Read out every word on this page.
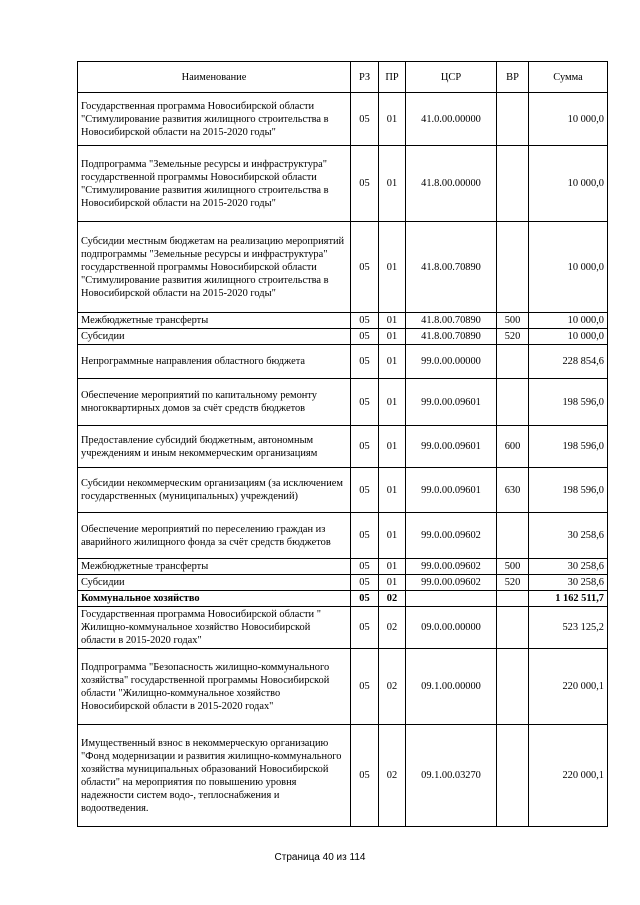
Наименование	РЗ	ПР	ЦСР	ВР	Сумма
Государственная программа Новосибирской области "Стимулирование развития жилищного строительства в Новосибирской области на 2015-2020 годы"	05	01	41.0.00.00000		10 000,0
Подпрограмма "Земельные ресурсы и инфраструктура" государственной программы Новосибирской области "Стимулирование развития жилищного строительства в Новосибирской области на 2015-2020 годы"	05	01	41.8.00.00000		10 000,0
Субсидии местным бюджетам на реализацию мероприятий подпрограммы "Земельные ресурсы и инфраструктура" государственной программы Новосибирской области "Стимулирование развития жилищного строительства в Новосибирской области на 2015-2020 годы"	05	01	41.8.00.70890		10 000,0
Межбюджетные трансферты	05	01	41.8.00.70890	500	10 000,0
Субсидии	05	01	41.8.00.70890	520	10 000,0
Непрограммные направления областного бюджета	05	01	99.0.00.00000		228 854,6
Обеспечение мероприятий по капитальному ремонту многоквартирных домов за счёт средств бюджетов	05	01	99.0.00.09601		198 596,0
Предоставление субсидий бюджетным, автономным учреждениям и иным некоммерческим организациям	05	01	99.0.00.09601	600	198 596,0
Субсидии некоммерческим организациям (за исключением государственных (муниципальных) учреждений)	05	01	99.0.00.09601	630	198 596,0
Обеспечение мероприятий по переселению граждан из аварийного жилищного фонда за счёт средств бюджетов	05	01	99.0.00.09602		30 258,6
Межбюджетные трансферты	05	01	99.0.00.09602	500	30 258,6
Субсидии	05	01	99.0.00.09602	520	30 258,6
Коммунальное хозяйство	05	02			1 162 511,7
Государственная программа Новосибирской области " Жилищно-коммунальное хозяйство Новосибирской области в 2015-2020 годах"	05	02	09.0.00.00000		523 125,2
Подпрограмма "Безопасность жилищно-коммунального хозяйства" государственной программы Новосибирской области "Жилищно-коммунальное хозяйство Новосибирской области в 2015-2020 годах"	05	02	09.1.00.00000		220 000,1
Имущественный взнос в некоммерческую организацию "Фонд модернизации и развития жилищно-коммунального хозяйства муниципальных образований Новосибирской области" на мероприятия по повышению уровня надежности систем водо-, теплоснабжения и водоотведения.	05	02	09.1.00.03270		220 000,1
Страница 40 из 114
